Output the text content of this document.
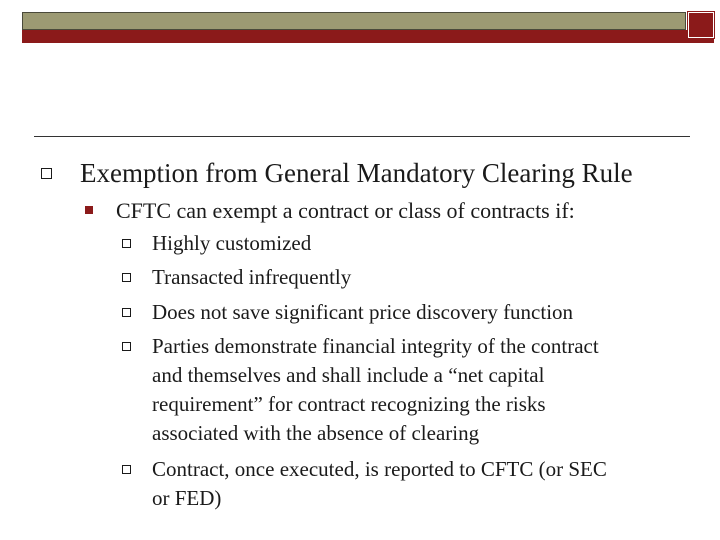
Exemption from General Mandatory Clearing Rule
CFTC can exempt a contract or class of contracts if:
Highly customized
Transacted infrequently
Does not save significant price discovery function
Parties demonstrate financial integrity of the contract
and themselves and shall include a “net capital
requirement” for contract recognizing the risks
associated with the absence of clearing
Contract, once executed, is reported to CFTC (or SEC
or FED)
